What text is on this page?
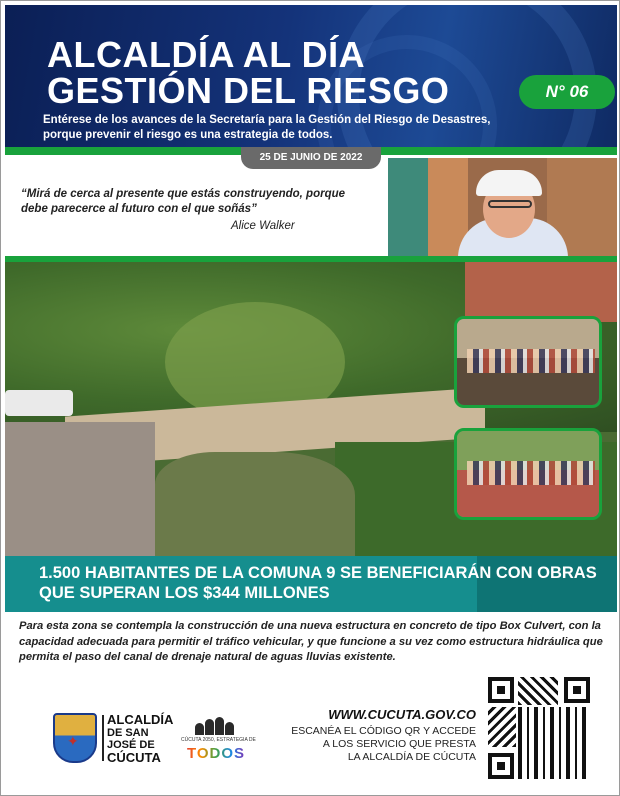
ALCALDÍA AL DÍA
GESTIÓN DEL RIESGO
Entérese de los avances de la Secretaría para la Gestión del Riesgo de Desastres, porque prevenir el riesgo es una estrategia de todos.
N° 06
25 DE JUNIO DE 2022
“Mirá de cerca al presente que estás construyendo, porque debe parecerce al futuro con el que soñás”
Alice Walker
1.500 HABITANTES DE LA COMUNA 9 SE BENEFICIARÁN CON OBRAS QUE SUPERAN LOS $344 MILLONES
Para esta zona se contempla la construcción de una nueva estructura en concreto de tipo Box Culvert, con la capacidad adecuada para permitir el tráfico vehicular, y que funcione a su vez como estructura hidráulica que permita el paso del canal de drenaje natural de aguas lluvias existente.
✦
ALCALDÍA
DE SAN JOSÉ DE
CÚCUTA
CÚCUTA 2050, ESTRATEGIA DE
TODOS
WWW.CUCUTA.GOV.CO
ESCANÉA EL CÓDIGO QR Y ACCEDE
A LOS SERVICIO QUE PRESTA
LA ALCALDÍA DE CÚCUTA
